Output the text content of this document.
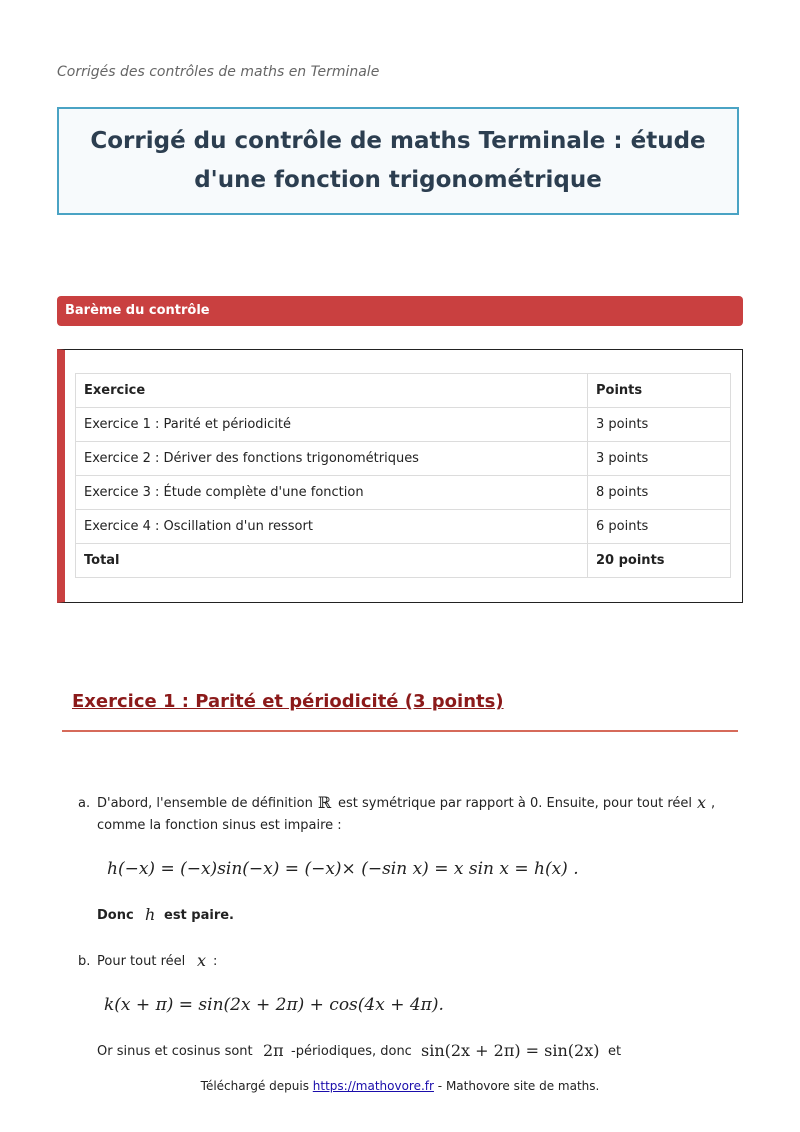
Corrigés des contrôles de maths en Terminale
Corrigé du contrôle de maths Terminale : étude d'une fonction trigonométrique
Barème du contrôle
Exercice	Points
Exercice 1 : Parité et périodicité	3 points
Exercice 2 : Dériver des fonctions trigonométriques	3 points
Exercice 3 : Étude complète d'une fonction	8 points
Exercice 4 : Oscillation d'un ressort	6 points
Total	20 points
Exercice 1 : Parité et périodicité (3 points)
a. D'abord, l'ensemble de définition ℝ est symétrique par rapport à 0. Ensuite, pour tout réel x ,
comme la fonction sinus est impaire :
h(−x) = (−x)sin(−x) = (−x)× (−sin x) = x sin x = h(x) .
Donc h est paire.
b. Pour tout réel x :
k(x + π) = sin(2x + 2π) + cos(4x + 4π).
Or sinus et cosinus sont 2π -périodiques, donc sin(2x + 2π) = sin(2x) et
Téléchargé depuis https://mathovore.fr - Mathovore site de maths.
